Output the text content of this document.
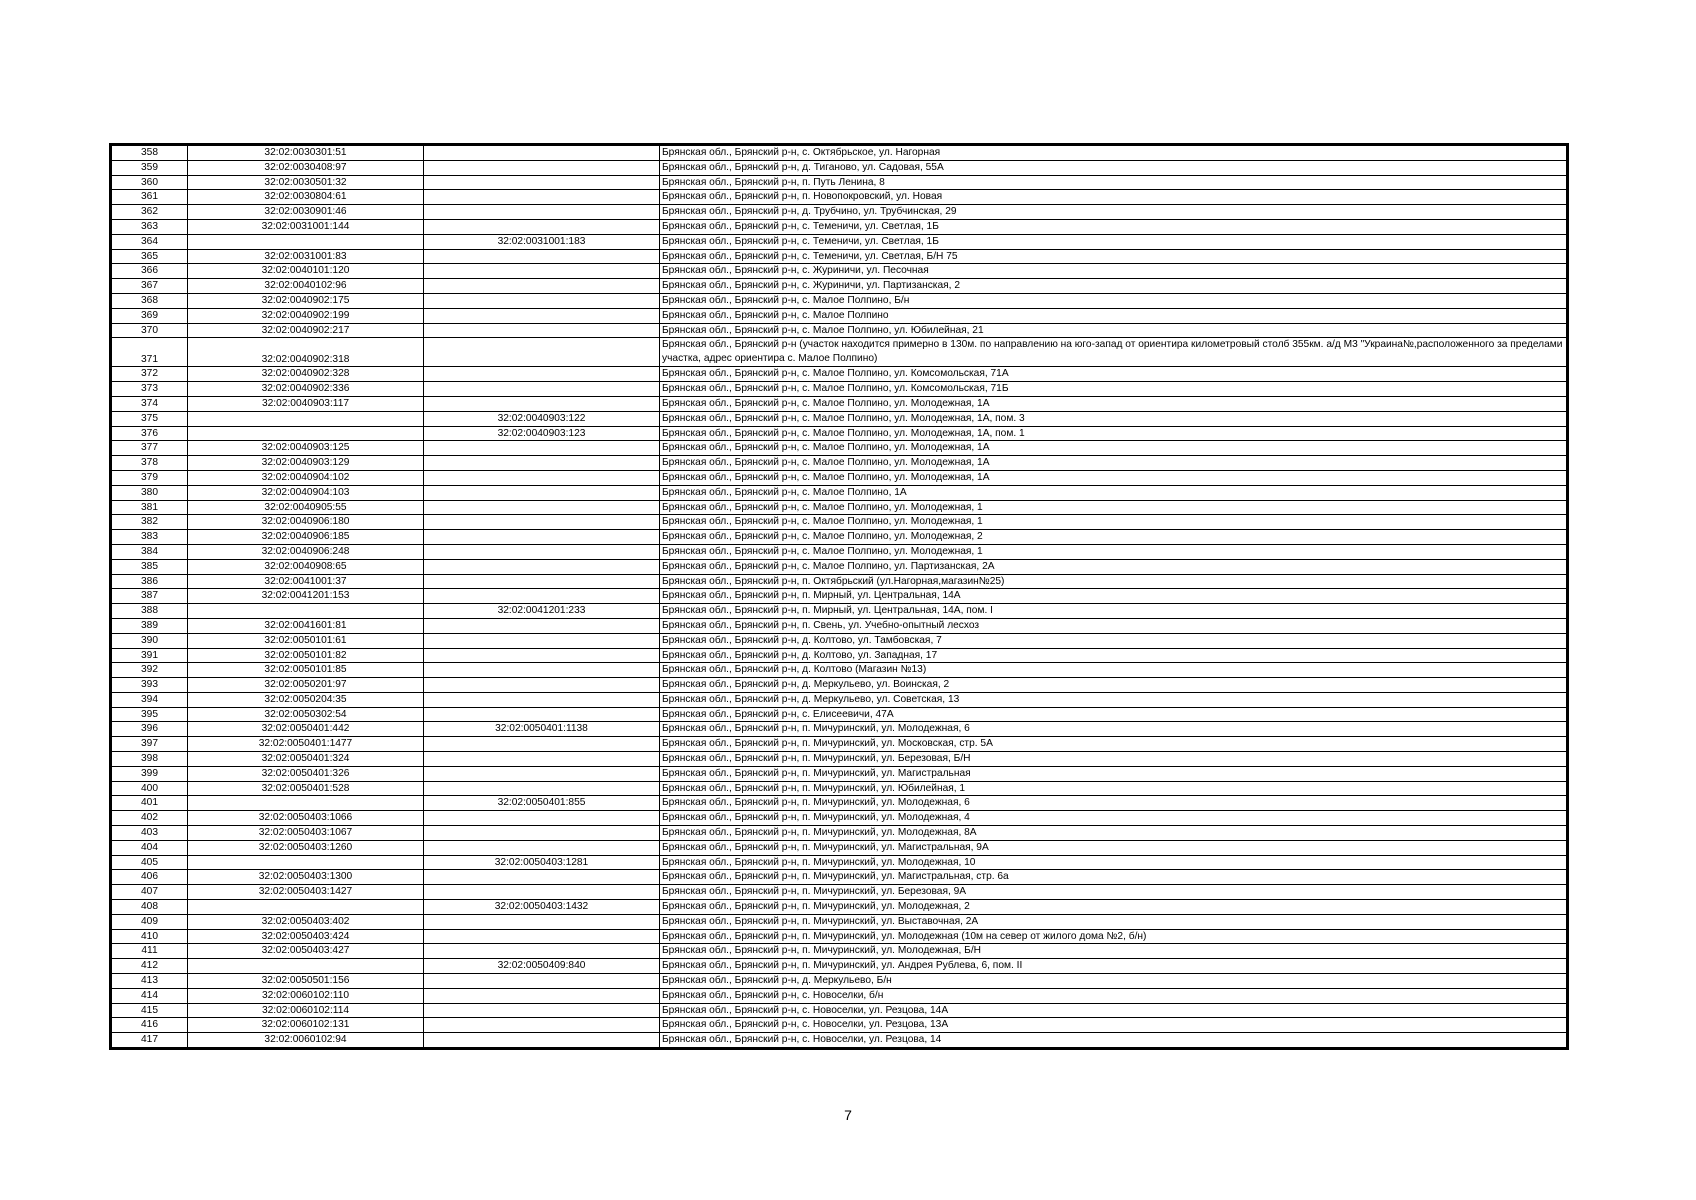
358	32:02:0030301:51		Брянская обл., Брянский р-н, с. Октябрьское, ул. Нагорная
359	32:02:0030408:97		Брянская обл., Брянский р-н, д. Тиганово, ул. Садовая, 55А
360	32:02:0030501:32		Брянская обл., Брянский р-н, п. Путь Ленина, 8
361	32:02:0030804:61		Брянская обл., Брянский р-н, п. Новопокровский, ул. Новая
362	32:02:0030901:46		Брянская обл., Брянский р-н, д. Трубчино, ул. Трубчинская, 29
363	32:02:0031001:144		Брянская обл., Брянский р-н, с. Теменичи, ул. Светлая, 1Б
364		32:02:0031001:183	Брянская обл., Брянский р-н, с. Теменичи, ул. Светлая, 1Б
365	32:02:0031001:83		Брянская обл., Брянский р-н, с. Теменичи, ул. Светлая, Б/Н 75
366	32:02:0040101:120		Брянская обл., Брянский р-н, с. Журиничи, ул. Песочная
367	32:02:0040102:96		Брянская обл., Брянский р-н, с. Журиничи, ул. Партизанская, 2
368	32:02:0040902:175		Брянская обл., Брянский р-н, с. Малое Полпино, Б/н
369	32:02:0040902:199		Брянская обл., Брянский р-н, с. Малое Полпино
370	32:02:0040902:217		Брянская обл., Брянский р-н, с. Малое Полпино, ул. Юбилейная, 21
371	32:02:0040902:318		Брянская обл., Брянский р-н (участок находится примерно в 130м. по направлению на юго-запад от ориентира километровый столб 355км. а/д М3 "Украина№,расположенного за пределами участка, адрес ориентира с. Малое Полпино)
372	32:02:0040902:328		Брянская обл., Брянский р-н, с. Малое Полпино, ул. Комсомольская, 71А
373	32:02:0040902:336		Брянская обл., Брянский р-н, с. Малое Полпино, ул. Комсомольская, 71Б
374	32:02:0040903:117		Брянская обл., Брянский р-н, с. Малое Полпино, ул. Молодежная, 1А
375		32:02:0040903:122	Брянская обл., Брянский р-н, с. Малое Полпино, ул. Молодежная, 1А, пом. 3
376		32:02:0040903:123	Брянская обл., Брянский р-н, с. Малое Полпино, ул. Молодежная, 1А, пом. 1
377	32:02:0040903:125		Брянская обл., Брянский р-н, с. Малое Полпино, ул. Молодежная, 1А
378	32:02:0040903:129		Брянская обл., Брянский р-н, с. Малое Полпино, ул. Молодежная, 1А
379	32:02:0040904:102		Брянская обл., Брянский р-н, с. Малое Полпино, ул. Молодежная, 1А
380	32:02:0040904:103		Брянская обл., Брянский р-н, с. Малое Полпино, 1А
381	32:02:0040905:55		Брянская обл., Брянский р-н, с. Малое Полпино, ул. Молодежная, 1
382	32:02:0040906:180		Брянская обл., Брянский р-н, с. Малое Полпино, ул. Молодежная, 1
383	32:02:0040906:185		Брянская обл., Брянский р-н, с. Малое Полпино, ул. Молодежная, 2
384	32:02:0040906:248		Брянская обл., Брянский р-н, с. Малое Полпино, ул. Молодежная, 1
385	32:02:0040908:65		Брянская обл., Брянский р-н, с. Малое Полпино, ул. Партизанская, 2А
386	32:02:0041001:37		Брянская обл., Брянский р-н, п. Октябрьский (ул.Нагорная,магазин№25)
387	32:02:0041201:153		Брянская обл., Брянский р-н, п. Мирный, ул. Центральная, 14А
388		32:02:0041201:233	Брянская обл., Брянский р-н, п. Мирный, ул. Центральная, 14А, пом. I
389	32:02:0041601:81		Брянская обл., Брянский р-н, п. Свень, ул. Учебно-опытный лесхоз
390	32:02:0050101:61		Брянская обл., Брянский р-н, д. Колтово, ул. Тамбовская, 7
391	32:02:0050101:82		Брянская обл., Брянский р-н, д. Колтово, ул. Западная, 17
392	32:02:0050101:85		Брянская обл., Брянский р-н, д. Колтово (Магазин №13)
393	32:02:0050201:97		Брянская обл., Брянский р-н, д. Меркульево, ул. Воинская, 2
394	32:02:0050204:35		Брянская обл., Брянский р-н, д. Меркульево, ул. Советская, 13
395	32:02:0050302:54		Брянская обл., Брянский р-н, с. Елисеевичи, 47А
396	32:02:0050401:442	32:02:0050401:1138	Брянская обл., Брянский р-н, п. Мичуринский, ул. Молодежная, 6
397	32:02:0050401:1477		Брянская обл., Брянский р-н, п. Мичуринский, ул. Московская, стр. 5А
398	32:02:0050401:324		Брянская обл., Брянский р-н, п. Мичуринский, ул. Березовая, Б/Н
399	32:02:0050401:326		Брянская обл., Брянский р-н, п. Мичуринский, ул. Магистральная
400	32:02:0050401:528		Брянская обл., Брянский р-н, п. Мичуринский, ул. Юбилейная, 1
401		32:02:0050401:855	Брянская обл., Брянский р-н, п. Мичуринский, ул. Молодежная, 6
402	32:02:0050403:1066		Брянская обл., Брянский р-н, п. Мичуринский, ул. Молодежная, 4
403	32:02:0050403:1067		Брянская обл., Брянский р-н, п. Мичуринский, ул. Молодежная, 8А
404	32:02:0050403:1260		Брянская обл., Брянский р-н, п. Мичуринский, ул. Магистральная, 9А
405		32:02:0050403:1281	Брянская обл., Брянский р-н, п. Мичуринский, ул. Молодежная, 10
406	32:02:0050403:1300		Брянская обл., Брянский р-н, п. Мичуринский, ул. Магистральная, стр. 6а
407	32:02:0050403:1427		Брянская обл., Брянский р-н, п. Мичуринский, ул. Березовая, 9А
408		32:02:0050403:1432	Брянская обл., Брянский р-н, п. Мичуринский, ул. Молодежная, 2
409	32:02:0050403:402		Брянская обл., Брянский р-н, п. Мичуринский, ул. Выставочная, 2А
410	32:02:0050403:424		Брянская обл., Брянский р-н, п. Мичуринский, ул. Молодежная (10м на север от жилого дома №2, б/н)
411	32:02:0050403:427		Брянская обл., Брянский р-н, п. Мичуринский, ул. Молодежная, Б/Н
412		32:02:0050409:840	Брянская обл., Брянский р-н, п. Мичуринский, ул. Андрея Рублева, 6, пом. II
413	32:02:0050501:156		Брянская обл., Брянский р-н, д. Меркульево, Б/н
414	32:02:0060102:110		Брянская обл., Брянский р-н, с. Новоселки, б/н
415	32:02:0060102:114		Брянская обл., Брянский р-н, с. Новоселки, ул. Резцова, 14А
416	32:02:0060102:131		Брянская обл., Брянский р-н, с. Новоселки, ул. Резцова, 13А
417	32:02:0060102:94		Брянская обл., Брянский р-н, с. Новоселки, ул. Резцова, 14
7
